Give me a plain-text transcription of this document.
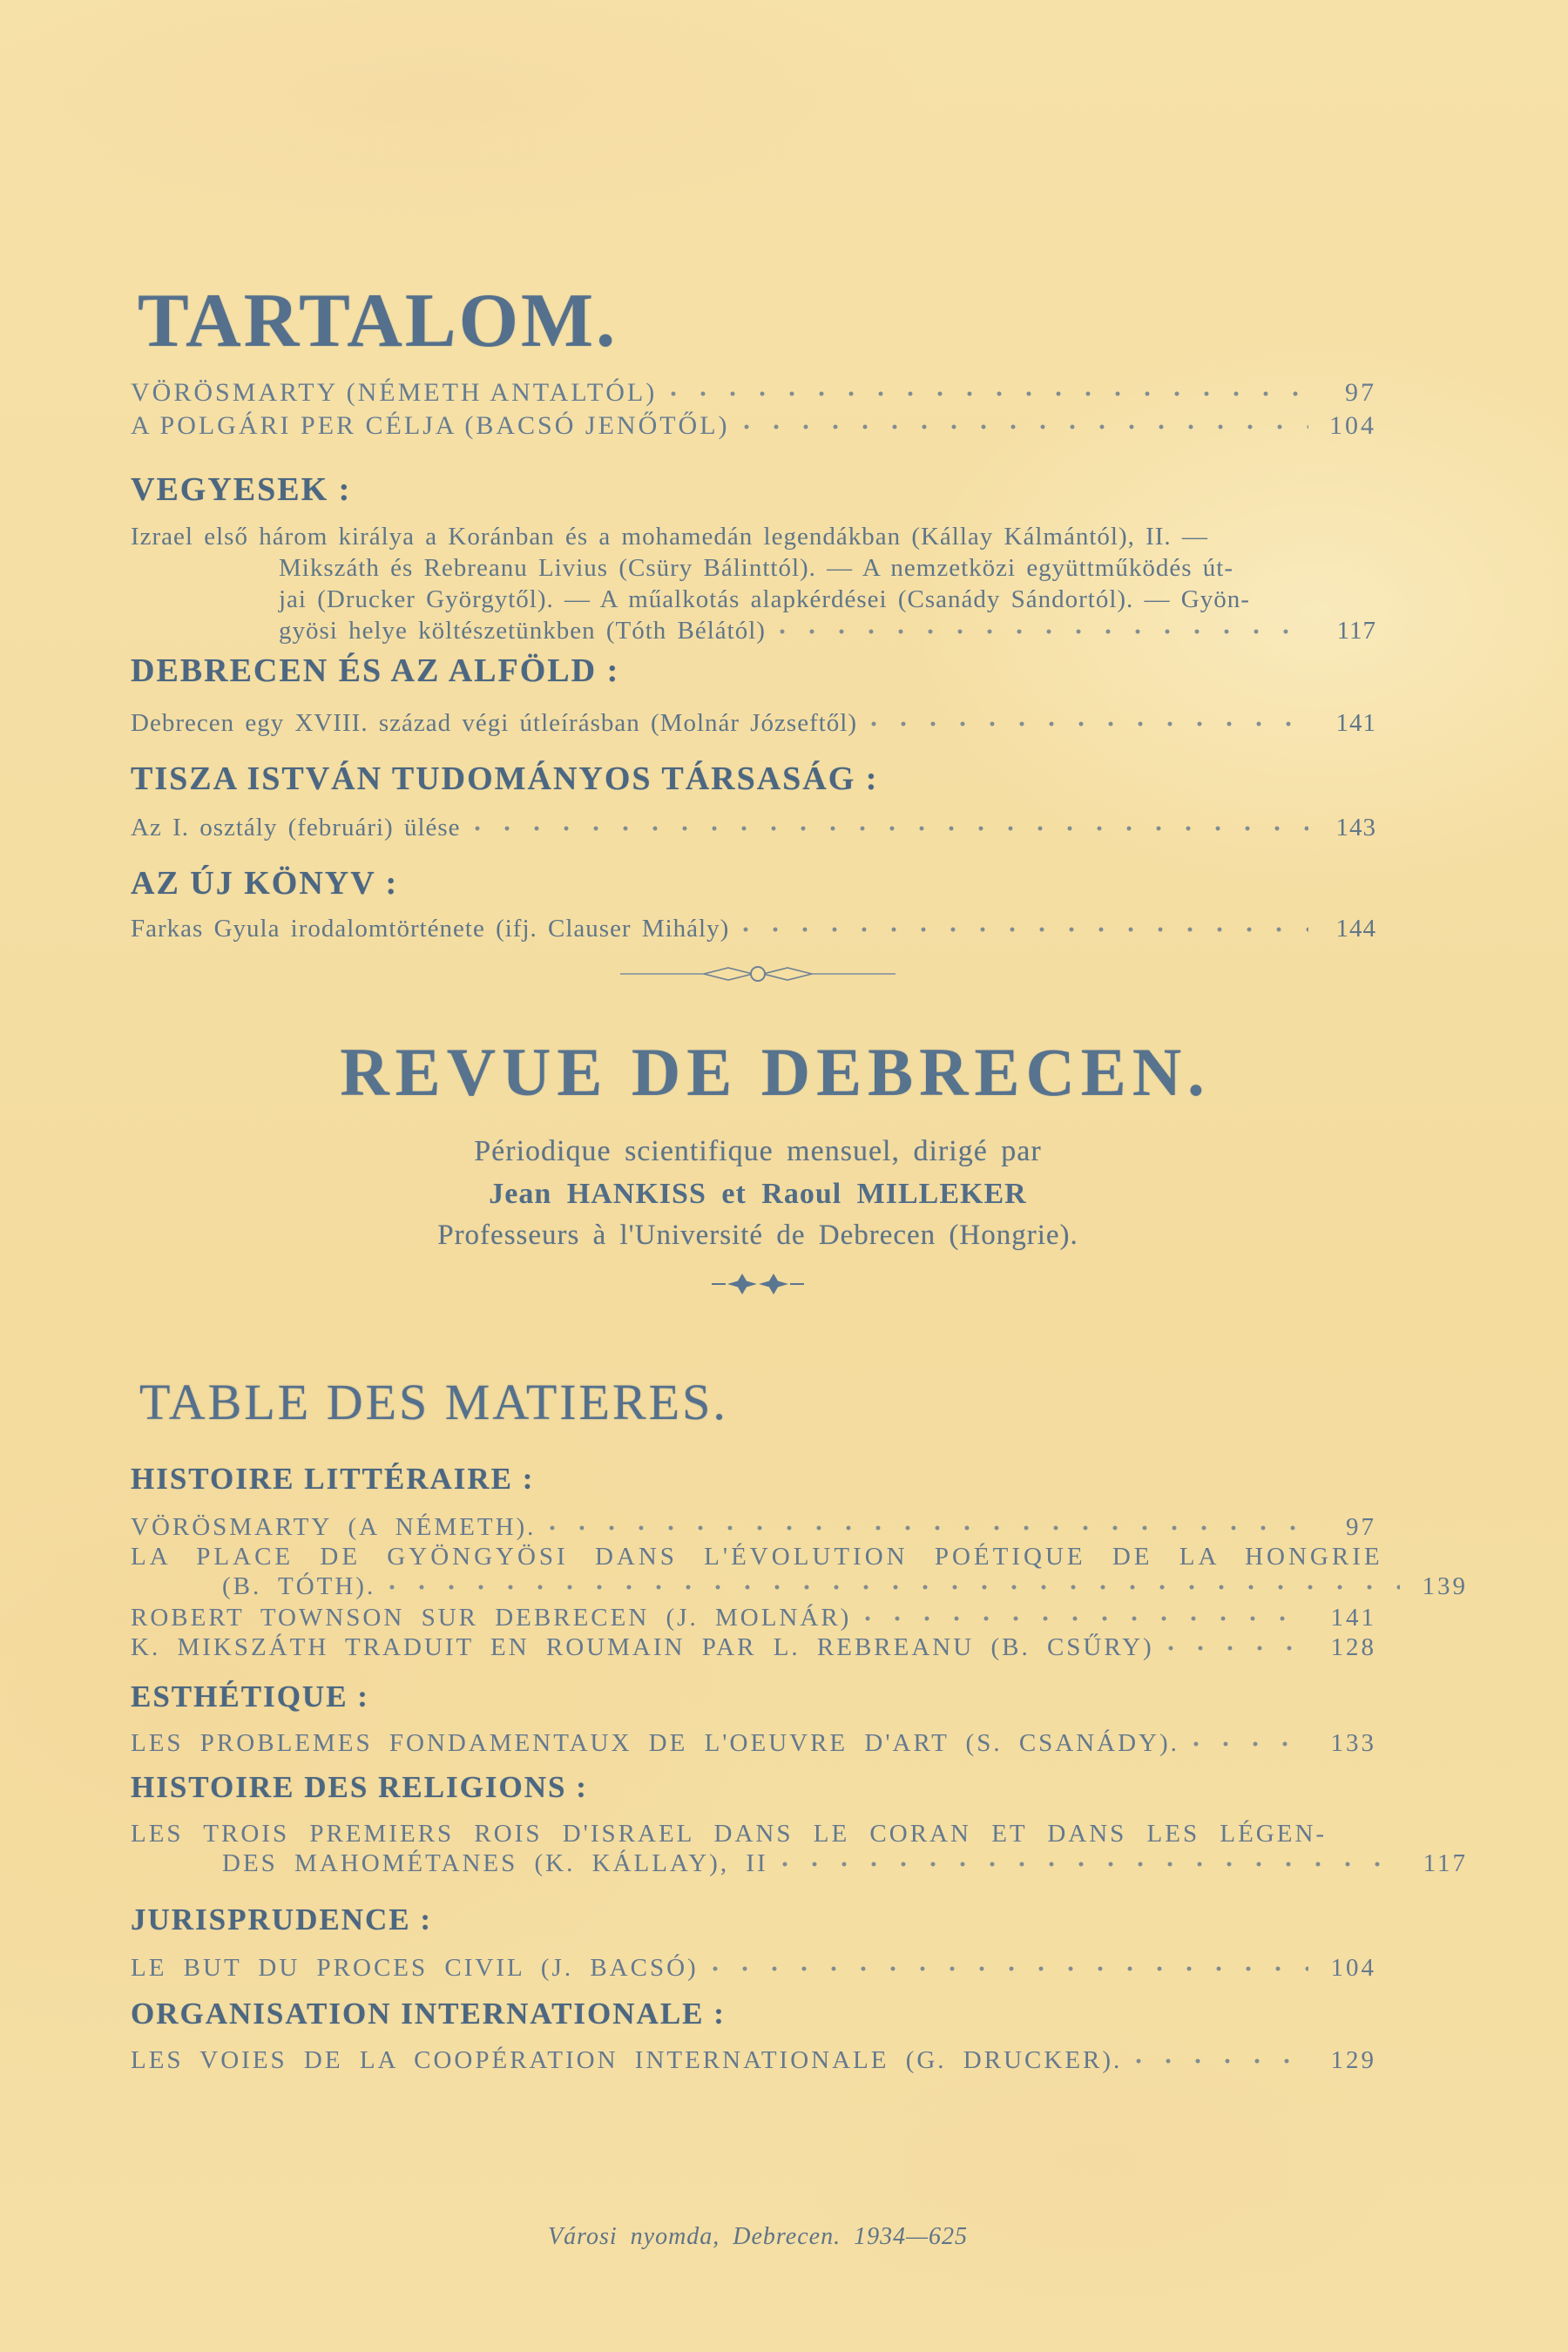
TARTALOM.
VÖRÖSMARTY (NÉMETH ANTALTÓL)	97
A POLGÁRI PER CÉLJA (BACSÓ JENŐTŐL)	104
VEGYESEK :
Izrael első három királya a Koránban és a mohamedán legendákban (Kállay Kálmántól), II. —
Mikszáth és Rebreanu Livius (Csüry Bálinttól). — A nemzetközi együttműködés út-
jai (Drucker Györgytől). — A műalkotás alapkérdései (Csanády Sándortól). — Gyön-
gyösi helye költészetünkben (Tóth Bélától)	117
DEBRECEN ÉS AZ ALFÖLD :
Debrecen egy XVIII. század végi útleírásban (Molnár Józseftől)	141
TISZA ISTVÁN TUDOMÁNYOS TÁRSASÁG :
Az I. osztály (februári) ülése	143
AZ ÚJ KÖNYV :
Farkas Gyula irodalomtörténete (ifj. Clauser Mihály)	144
REVUE DE DEBRECEN.
Périodique scientifique mensuel, dirigé par
Jean HANKISS et Raoul MILLEKER
Professeurs à l'Université de Debrecen (Hongrie).
TABLE DES MATIERES.
HISTOIRE LITTÉRAIRE :
VÖRÖSMARTY (A NÉMETH).	97
LA PLACE DE GYÖNGYÖSI DANS L'ÉVOLUTION POÉTIQUE DE LA HONGRIE
(B. TÓTH).	139
ROBERT TOWNSON SUR DEBRECEN (J. MOLNÁR)	141
K. MIKSZÁTH TRADUIT EN ROUMAIN PAR L. REBREANU (B. CSŰRY)	128
ESTHÉTIQUE :
LES PROBLEMES FONDAMENTAUX DE L'OEUVRE D'ART (S. CSANÁDY).	133
HISTOIRE DES RELIGIONS :
LES TROIS PREMIERS ROIS D'ISRAEL DANS LE CORAN ET DANS LES LÉGEN-
DES MAHOMÉTANES (K. KÁLLAY), II	117
JURISPRUDENCE :
LE BUT DU PROCES CIVIL (J. BACSÓ)	104
ORGANISATION INTERNATIONALE :
LES VOIES DE LA COOPÉRATION INTERNATIONALE (G. DRUCKER).	129
Városi nyomda, Debrecen. 1934—625
